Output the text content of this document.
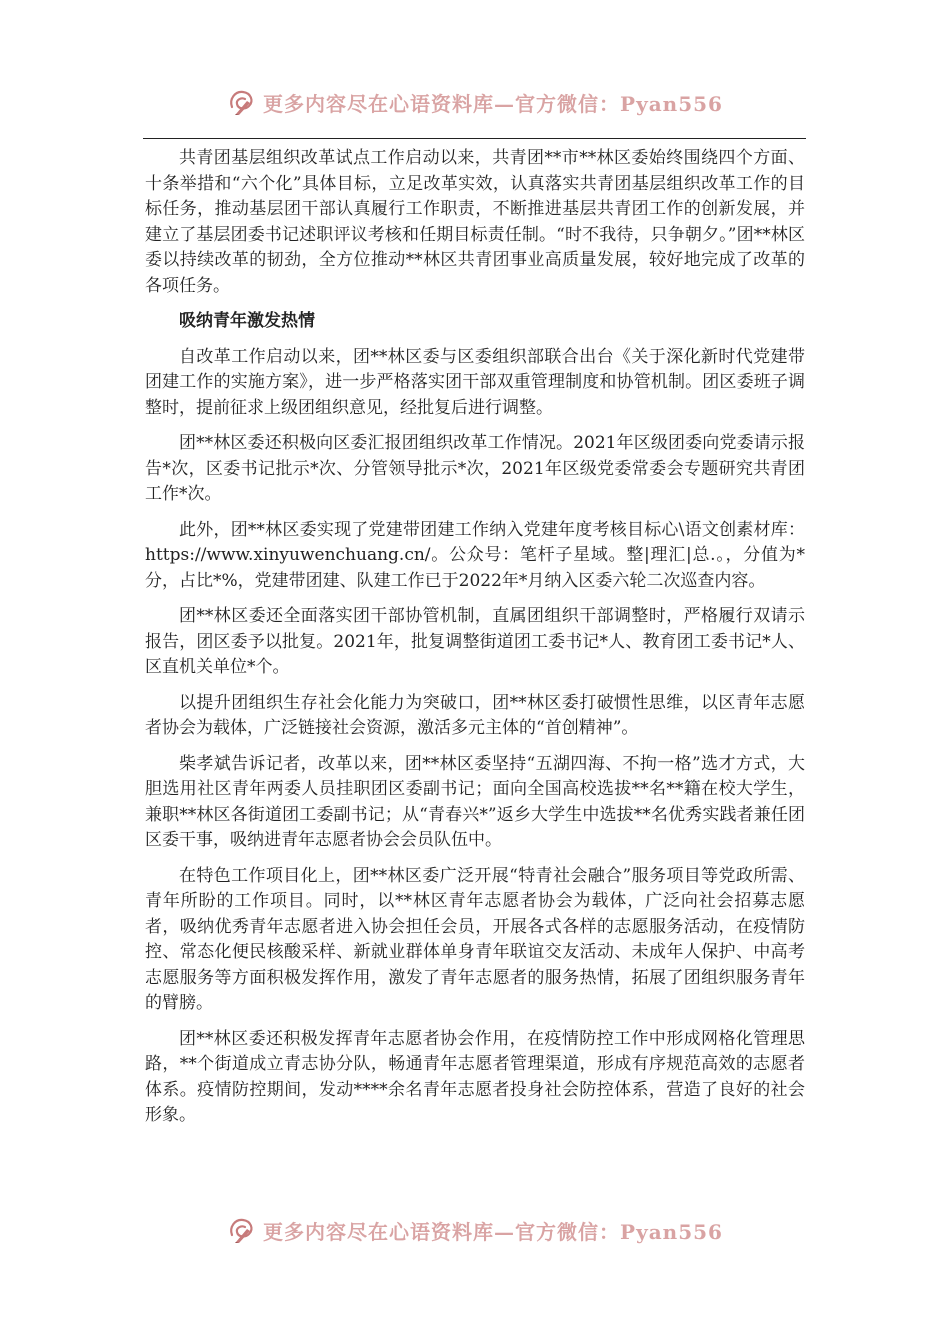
更多内容尽在心语资料库—官方微信：Pyan556

共青团基层组织改革试点工作启动以来，共青团**市**林区委始终围绕四个方面、十条举措和“六个化”具体目标，立足改革实效，认真落实共青团基层组织改革工作的目标任务，推动基层团干部认真履行工作职责，不断推进基层共青团工作的创新发展，并建立了基层团委书记述职评议考核和任期目标责任制。“时不我待，只争朝夕。”团**林区委以持续改革的韧劲，全方位推动**林区共青团事业高质量发展，较好地完成了改革的各项任务。

吸纳青年激发热情

自改革工作启动以来，团**林区委与区委组织部联合出台《关于深化新时代党建带团建工作的实施方案》，进一步严格落实团干部双重管理制度和协管机制。团区委班子调整时，提前征求上级团组织意见，经批复后进行调整。

团**林区委还积极向区委汇报团组织改革工作情况。2021年区级团委向党委请示报告*次，区委书记批示*次、分管领导批示*次，2021年区级党委常委会专题研究共青团工作*次。

此外，团**林区委实现了党建带团建工作纳入党建年度考核目标心\语文创素材库：https://www.xinyuwenchuang.cn/。公众号：笔杆子星域。整|理汇|总.。，分值为*分，占比*%，党建带团建、队建工作已于2022年*月纳入区委六轮二次巡查内容。

团**林区委还全面落实团干部协管机制，直属团组织干部调整时，严格履行双请示报告，团区委予以批复。2021年，批复调整街道团工委书记*人、教育团工委书记*人、区直机关单位*个。

以提升团组织生存社会化能力为突破口，团**林区委打破惯性思维，以区青年志愿者协会为载体，广泛链接社会资源，激活多元主体的“首创精神”。

柴孝斌告诉记者，改革以来，团**林区委坚持“五湖四海、不拘一格”选才方式，大胆选用社区青年两委人员挂职团区委副书记；面向全国高校选拔**名**籍在校大学生，兼职**林区各街道团工委副书记；从“青春兴*”返乡大学生中选拔**名优秀实践者兼任团区委干事，吸纳进青年志愿者协会会员队伍中。

在特色工作项目化上，团**林区委广泛开展“特青社会融合”服务项目等党政所需、青年所盼的工作项目。同时，以**林区青年志愿者协会为载体，广泛向社会招募志愿者，吸纳优秀青年志愿者进入协会担任会员，开展各式各样的志愿服务活动，在疫情防控、常态化便民核酸采样、新就业群体单身青年联谊交友活动、未成年人保护、中高考志愿服务等方面积极发挥作用，激发了青年志愿者的服务热情，拓展了团组织服务青年的臂膀。

团**林区委还积极发挥青年志愿者协会作用，在疫情防控工作中形成网格化管理思路，**个街道成立青志协分队，畅通青年志愿者管理渠道，形成有序规范高效的志愿者体系。疫情防控期间，发动****余名青年志愿者投身社会防控体系，营造了良好的社会形象。

更多内容尽在心语资料库—官方微信：Pyan556
